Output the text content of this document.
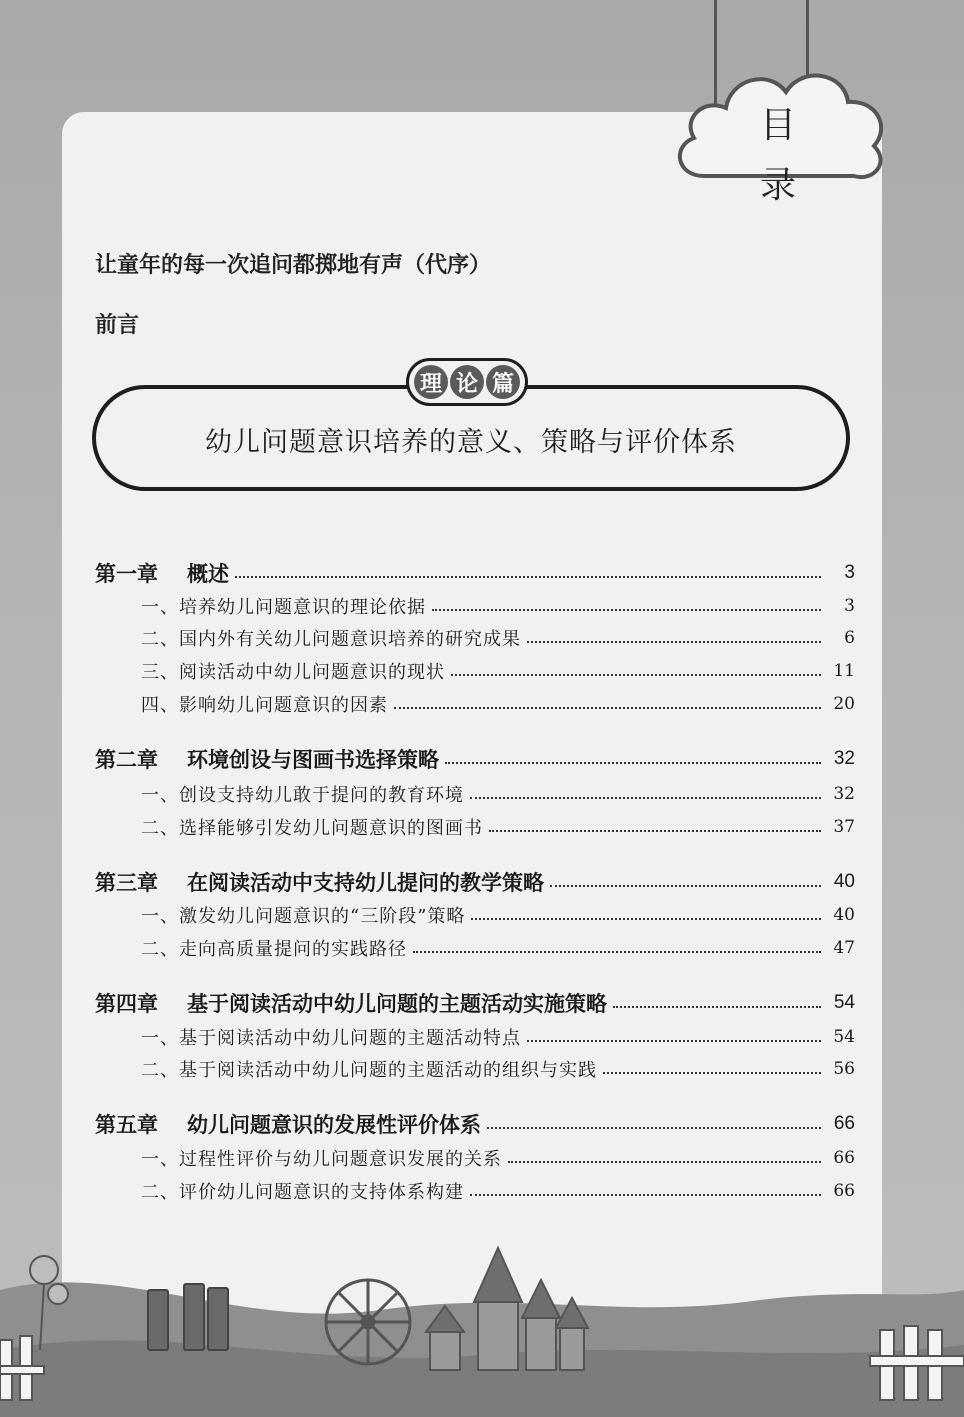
目 录
让童年的每一次追问都掷地有声（代序）
前言
理 论 篇
幼儿问题意识培养的意义、策略与评价体系
第一章	概述	3
一、培养幼儿问题意识的理论依据	3
二、国内外有关幼儿问题意识培养的研究成果	6
三、阅读活动中幼儿问题意识的现状	11
四、影响幼儿问题意识的因素	20
第二章	环境创设与图画书选择策略	32
一、创设支持幼儿敢于提问的教育环境	32
二、选择能够引发幼儿问题意识的图画书	37
第三章	在阅读活动中支持幼儿提问的教学策略	40
一、激发幼儿问题意识的“三阶段”策略	40
二、走向高质量提问的实践路径	47
第四章	基于阅读活动中幼儿问题的主题活动实施策略	54
一、基于阅读活动中幼儿问题的主题活动特点	54
二、基于阅读活动中幼儿问题的主题活动的组织与实践	56
第五章	幼儿问题意识的发展性评价体系	66
一、过程性评价与幼儿问题意识发展的关系	66
二、评价幼儿问题意识的支持体系构建	66
